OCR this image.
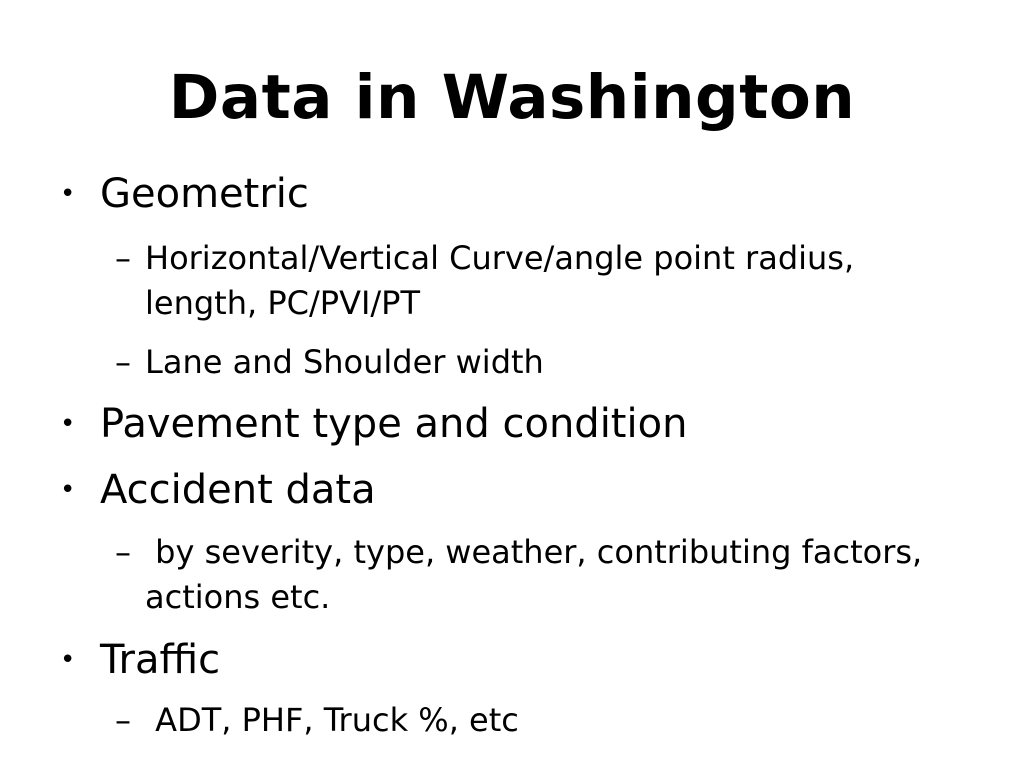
Data in Washington
• Geometric
– Horizontal/Vertical Curve/angle point radius, length, PC/PVI/PT
– Lane and Shoulder width
• Pavement type and condition
• Accident data
– by severity, type, weather, contributing factors, actions etc.
• Traffic
– ADT, PHF, Truck %, etc
